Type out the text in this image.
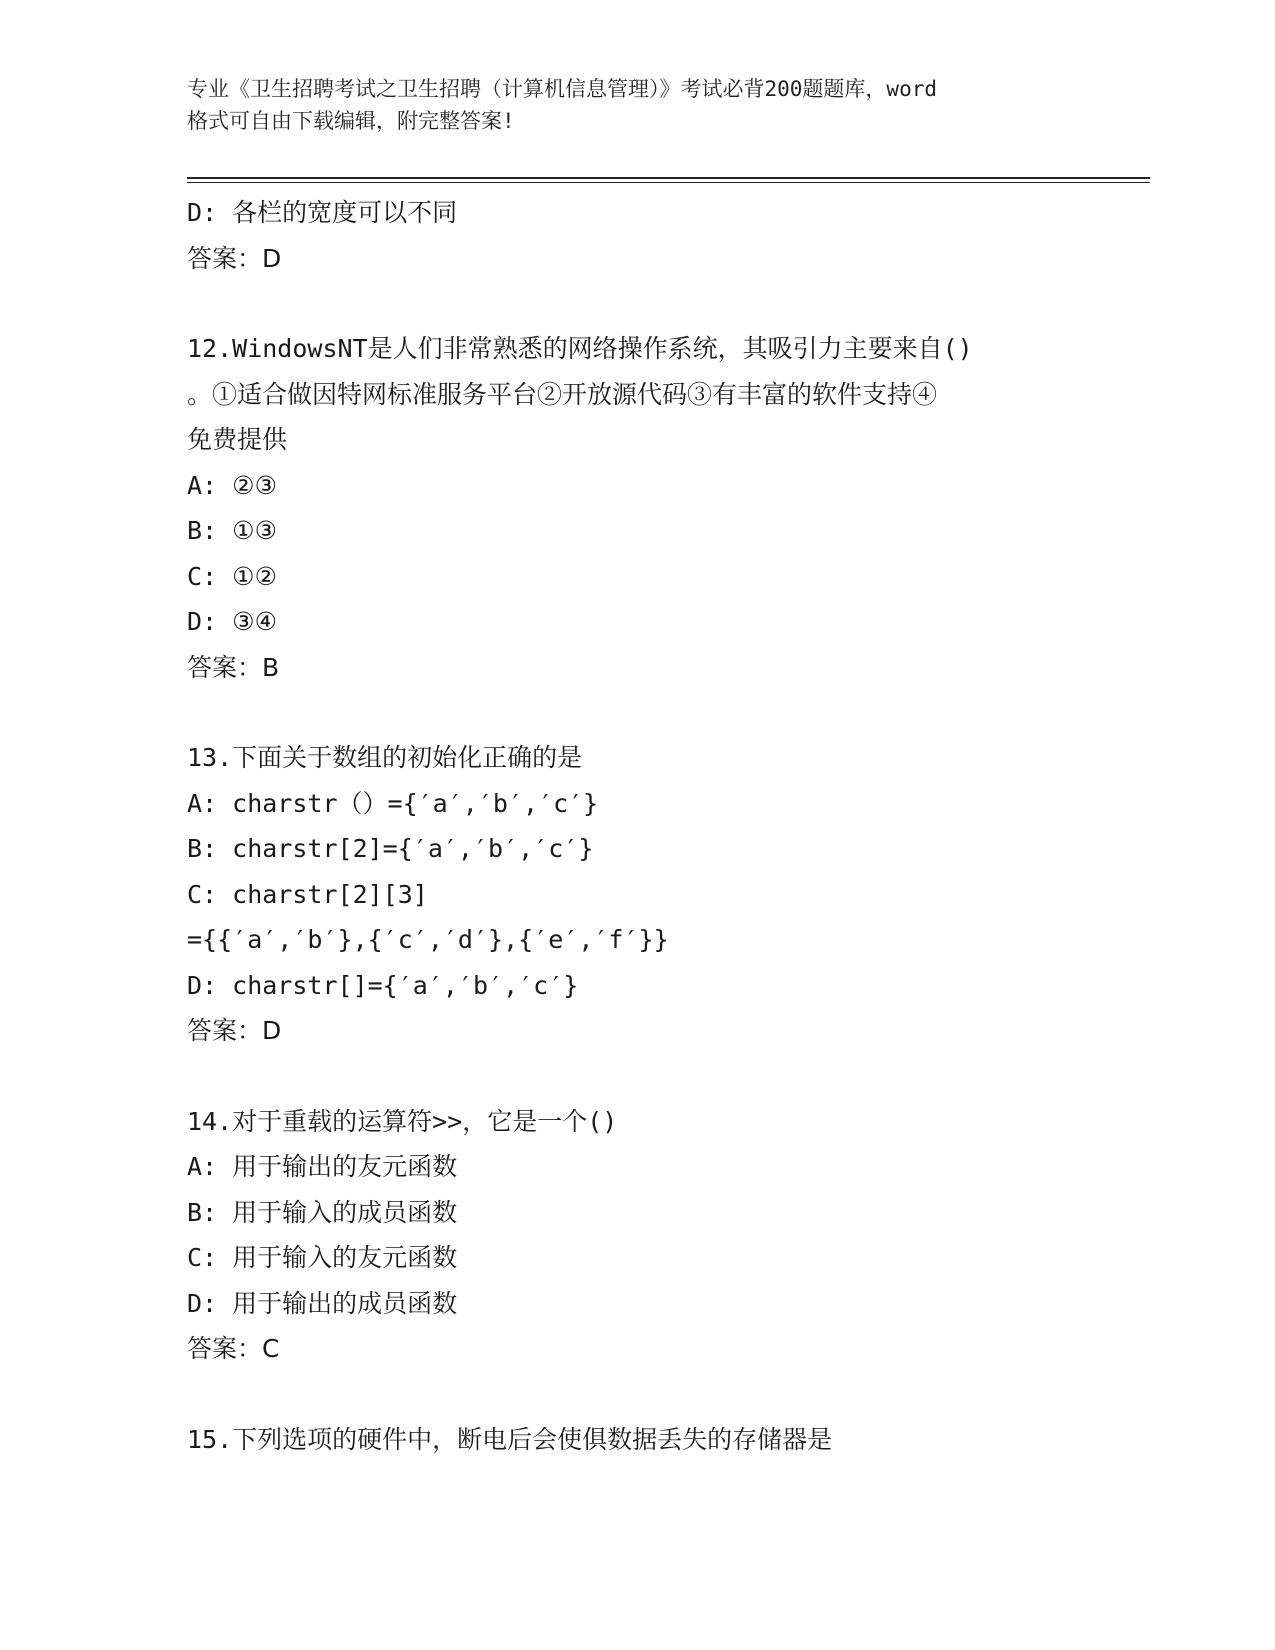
专业《卫生招聘考试之卫生招聘（计算机信息管理）》考试必背200题题库，word
格式可自由下载编辑，附完整答案!
D: 各栏的宽度可以不同
答案：D
12.WindowsNT是人们非常熟悉的网络操作系统，其吸引力主要来自()
。①适合做因特网标准服务平台②开放源代码③有丰富的软件支持④
免费提供
A: ②③
B: ①③
C: ①②
D: ③④
答案：B
13.下面关于数组的初始化正确的是
A: charstr（）={′a′,′b′,′c′}
B: charstr[2]={′a′,′b′,′c′}
C: charstr[2][3]
={{′a′,′b′},{′c′,′d′},{′e′,′f′}}
D: charstr[]={′a′,′b′,′c′}
答案：D
14.对于重载的运算符>>，它是一个()
A: 用于输出的友元函数
B: 用于输入的成员函数
C: 用于输入的友元函数
D: 用于输出的成员函数
答案：C
15.下列选项的硬件中，断电后会使俱数据丢失的存储器是
